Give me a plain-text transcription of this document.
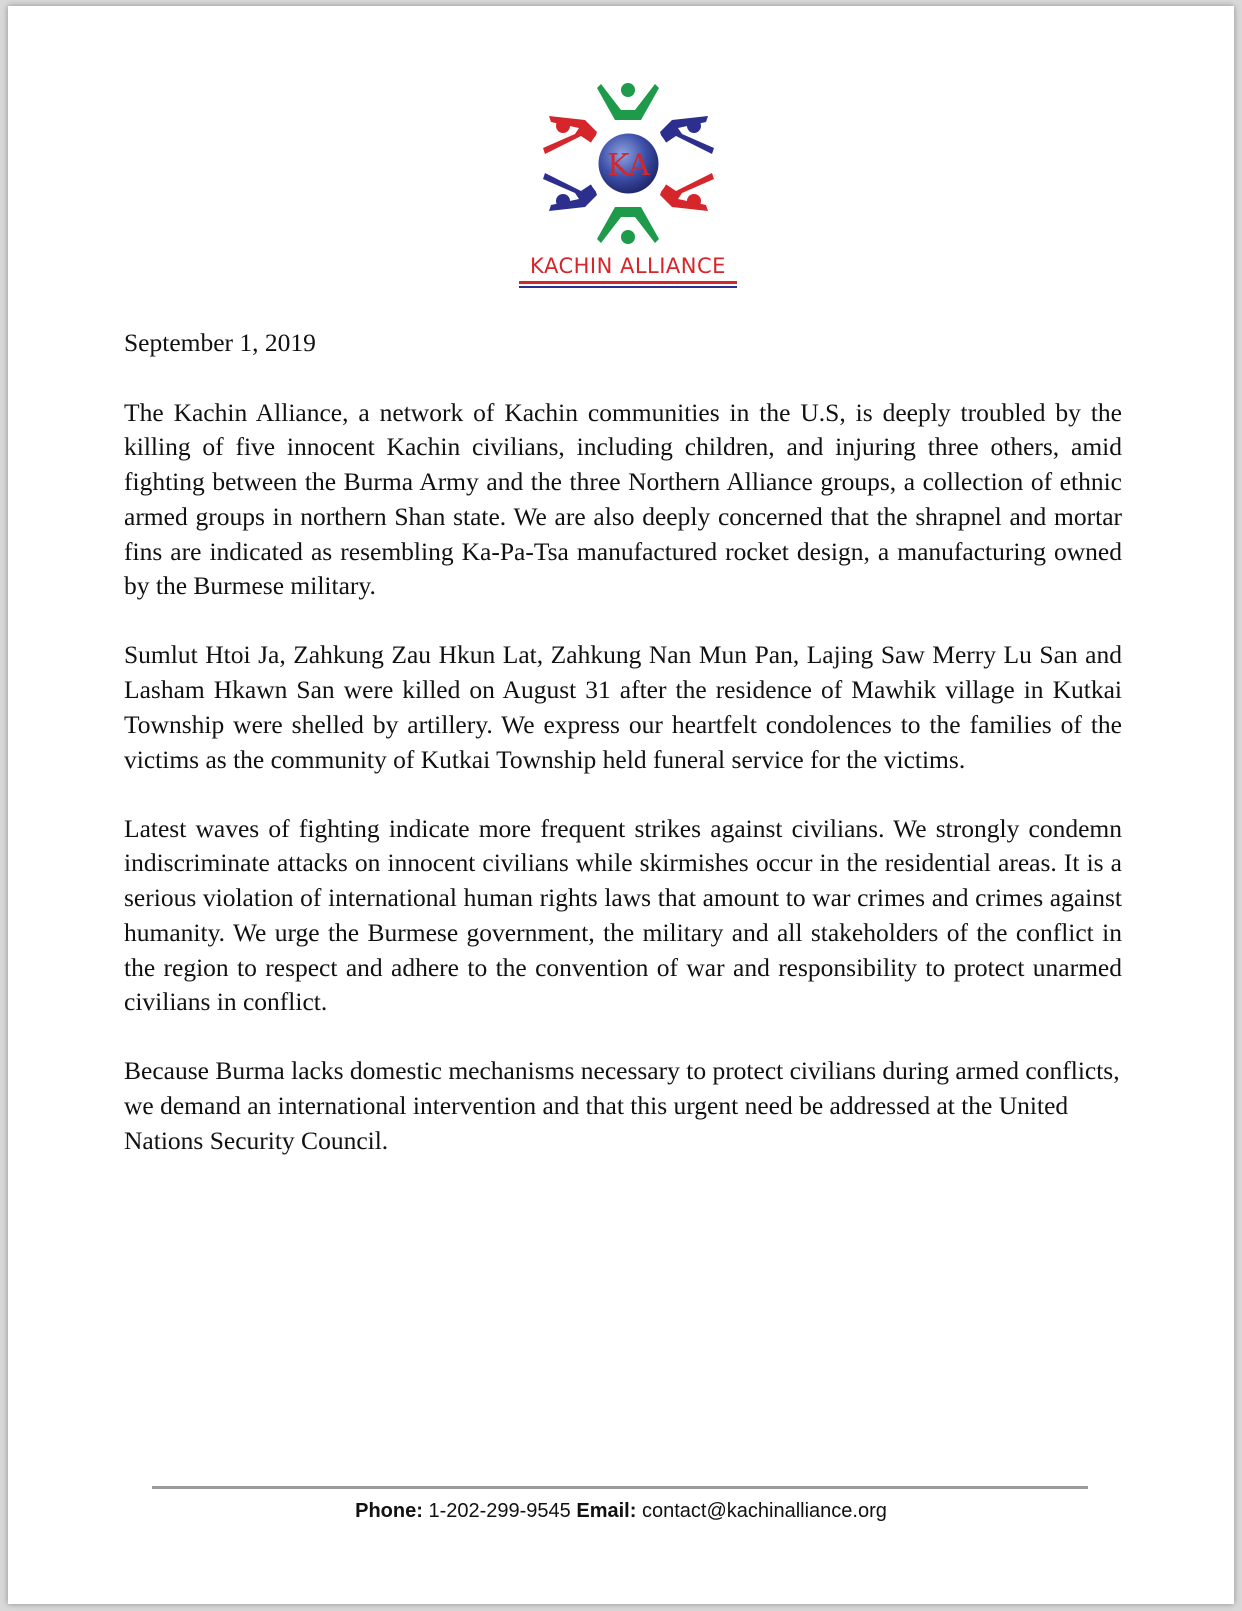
KA
KACHIN ALLIANCE
September 1, 2019

The Kachin Alliance, a network of Kachin communities in the U.S, is deeply troubled by the killing of five innocent Kachin civilians, including children, and injuring three others, amid fighting between the Burma Army and the three Northern Alliance groups, a collection of ethnic armed groups in northern Shan state. We are also deeply concerned that the shrapnel and mortar fins are indicated as resembling Ka-Pa-Tsa manufactured rocket design, a manufacturing owned by the Burmese military.

Sumlut Htoi Ja, Zahkung Zau Hkun Lat, Zahkung Nan Mun Pan, Lajing Saw Merry Lu San and Lasham Hkawn San were killed on August 31 after the residence of Mawhik village in Kutkai Township were shelled by artillery. We express our heartfelt condolences to the families of the victims as the community of Kutkai Township held funeral service for the victims.

Latest waves of fighting indicate more frequent strikes against civilians. We strongly condemn indiscriminate attacks on innocent civilians while skirmishes occur in the residential areas. It is a serious violation of international human rights laws that amount to war crimes and crimes against humanity. We urge the Burmese government, the military and all stakeholders of the conflict in the region to respect and adhere to the convention of war and responsibility to protect unarmed civilians in conflict.

Because Burma lacks domestic mechanisms necessary to protect civilians during armed conflicts, we demand an international intervention and that this urgent need be addressed at the United Nations Security Council.

Phone: 1-202-299-9545 Email: contact@kachinalliance.org
